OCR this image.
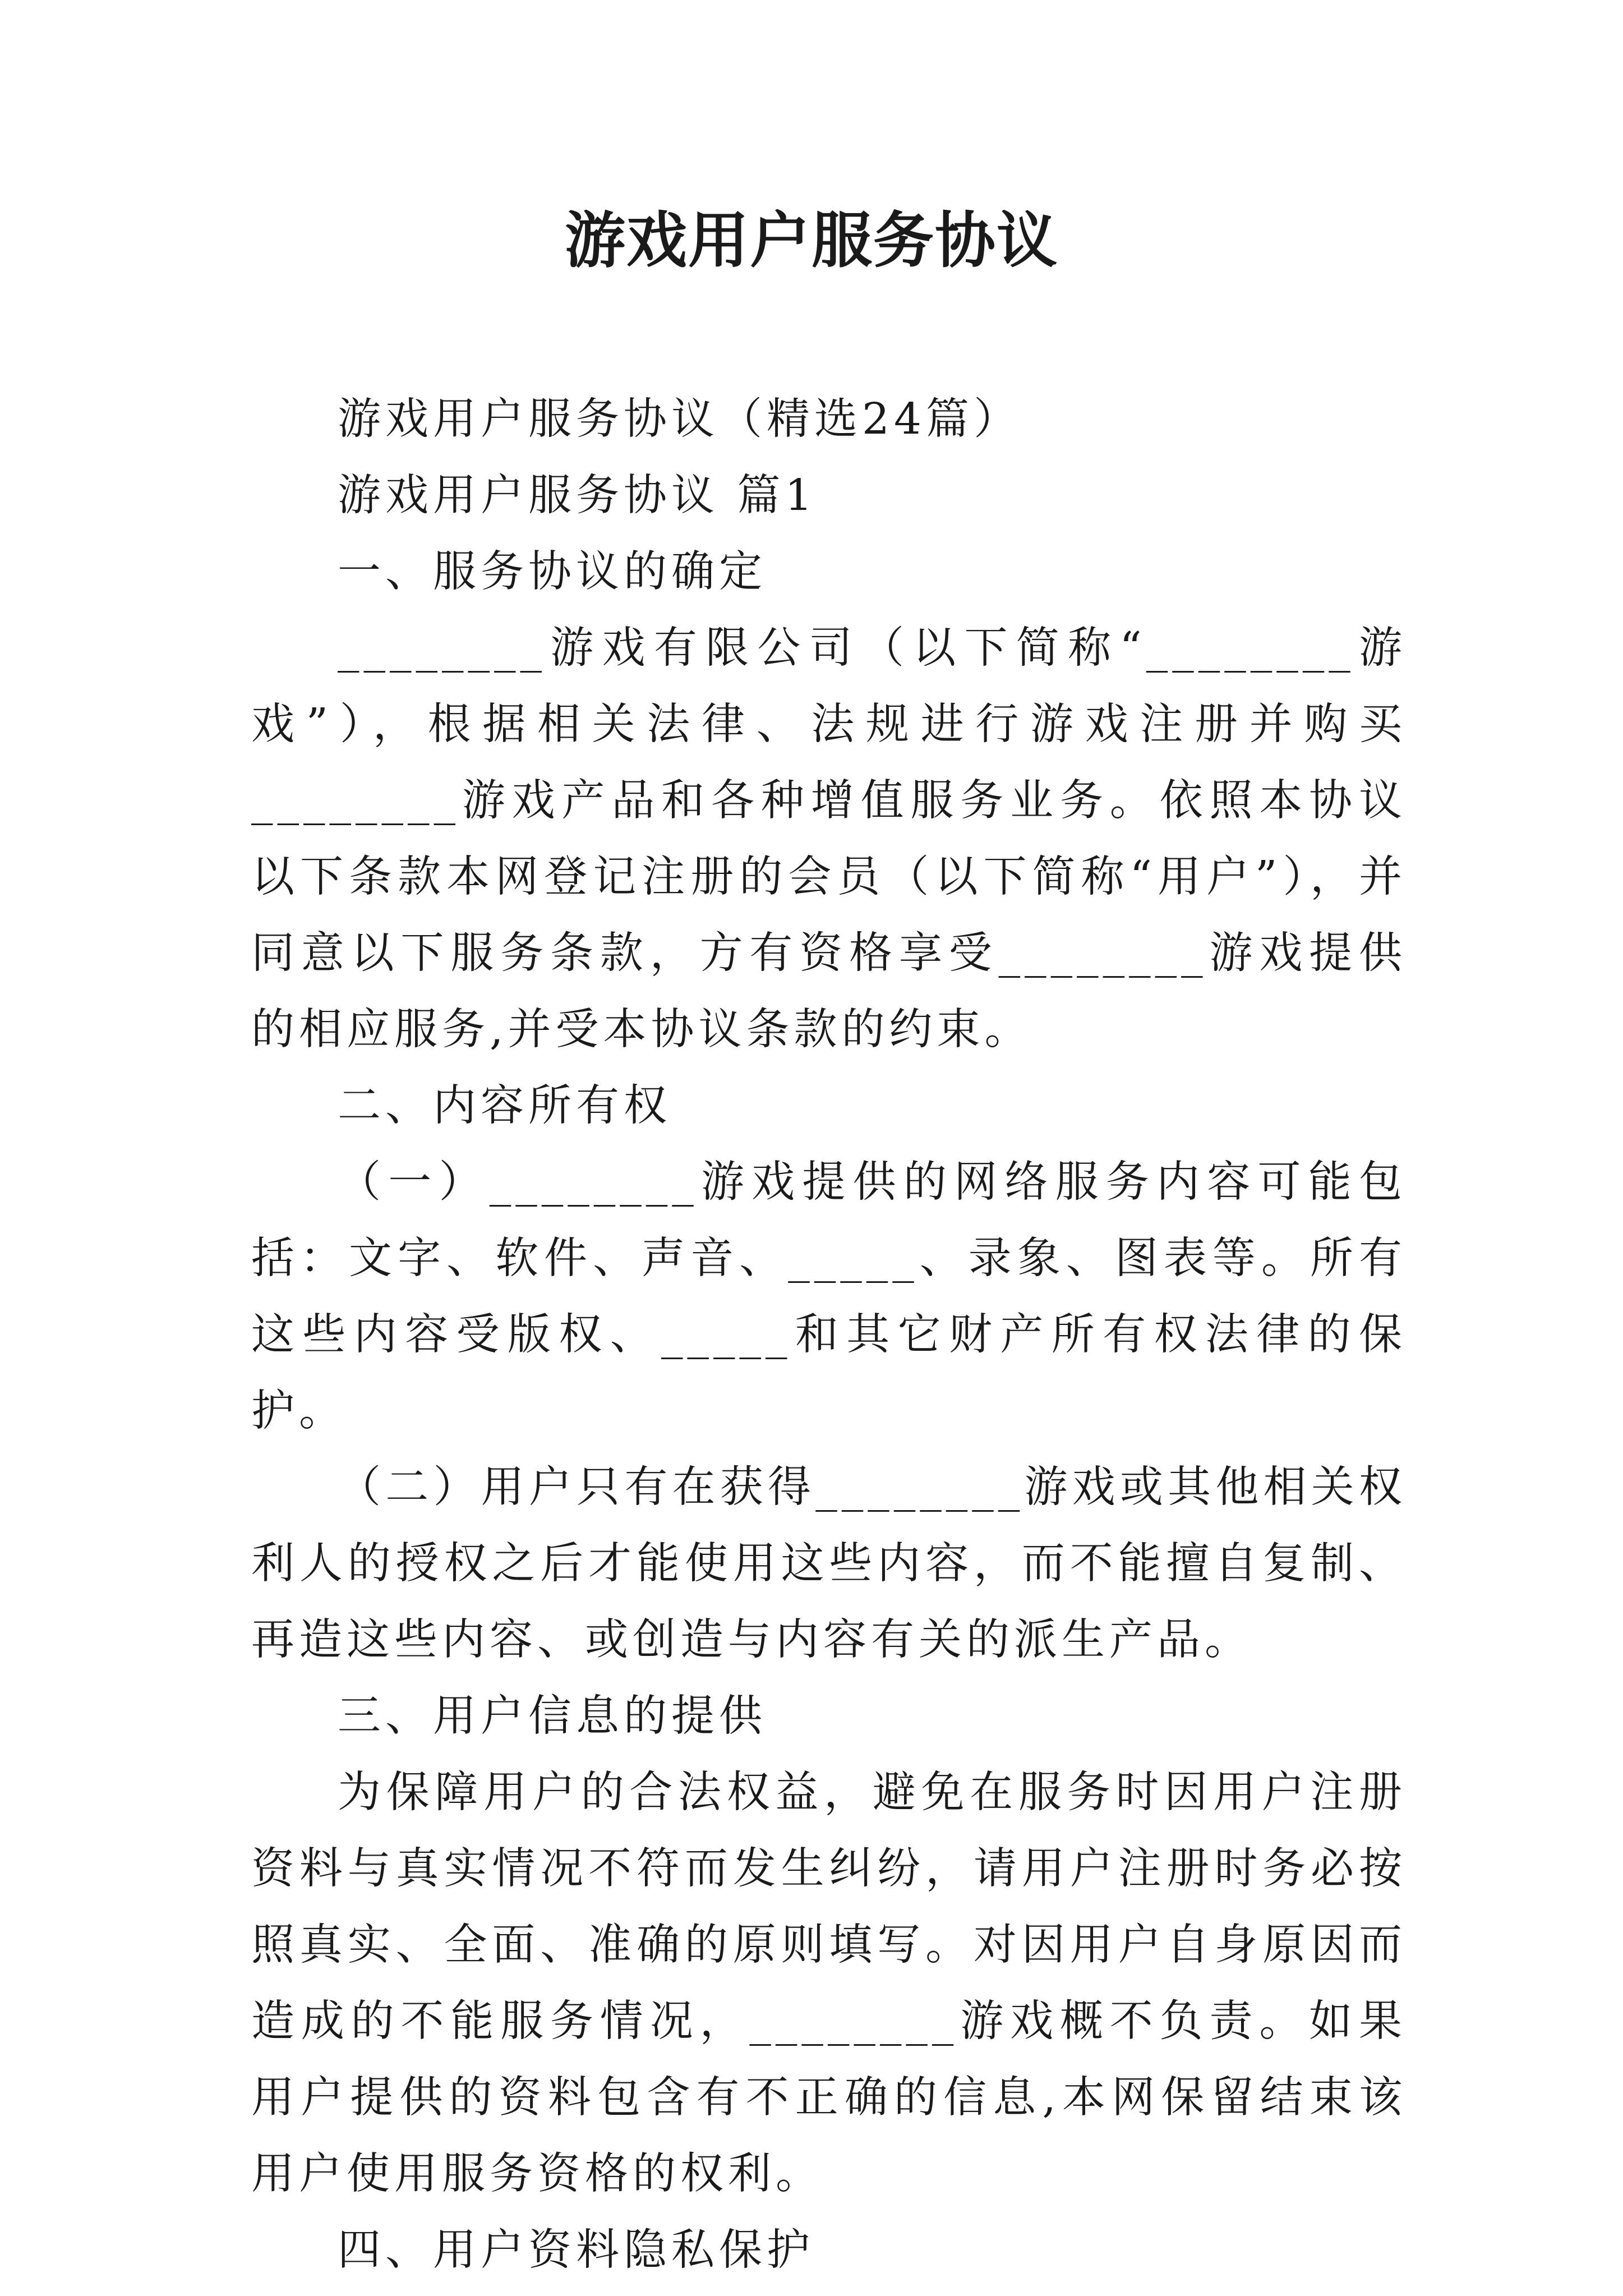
游戏用户服务协议
游戏用户服务协议（精选24篇）
游戏用户服务协议 篇1
一、服务协议的确定

________游戏有限公司（以下简称“________游戏”），根据相关法律、法规进行游戏注册并购买________游戏产品和各种增值服务业务。依照本协议以下条款本网登记注册的会员（以下简称“用户”），并同意以下服务条款，方有资格享受________游戏提供的相应服务,并受本协议条款的约束。

二、内容所有权

（一）________游戏提供的网络服务内容可能包括：文字、软件、声音、_____、录象、图表等。所有这些内容受版权、_____和其它财产所有权法律的保护。

（二）用户只有在获得________游戏或其他相关权利人的授权之后才能使用这些内容，而不能擅自复制、再造这些内容、或创造与内容有关的派生产品。

三、用户信息的提供

为保障用户的合法权益，避免在服务时因用户注册资料与真实情况不符而发生纠纷，请用户注册时务必按照真实、全面、准确的原则填写。对因用户自身原因而造成的不能服务情况，________游戏概不负责。如果用户提供的资料包含有不正确的信息,本网保留结束该用户使用服务资格的权利。

四、用户资料隐私保护
